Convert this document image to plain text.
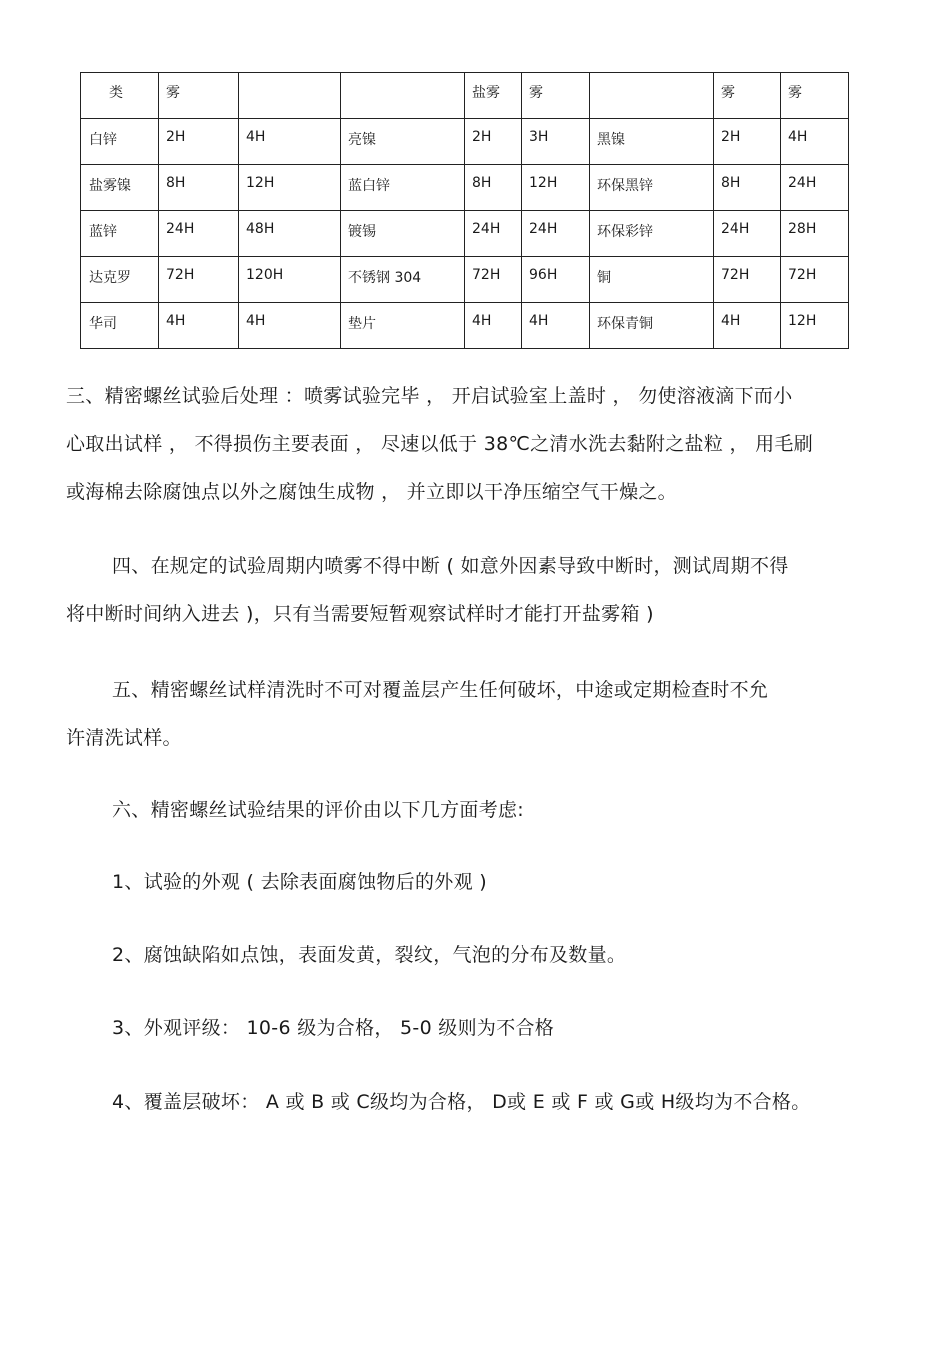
类	雾			盐雾	雾		雾	雾
白锌	2H	4H	亮镍	2H	3H	黑镍	2H	4H
盐雾镍	8H	12H	蓝白锌	8H	12H	环保黑锌	8H	24H
蓝锌	24H	48H	镀锡	24H	24H	环保彩锌	24H	28H
达克罗	72H	120H	不锈钢 304	72H	96H	铜	72H	72H
华司	4H	4H	垫片	4H	4H	环保青铜	4H	12H
三、精密螺丝试验后处理 ：喷雾试验完毕 ， 开启试验室上盖时 ， 勿使溶液滴下而小
心取出试样 ， 不得损伤主要表面 ， 尽速以低于 38℃之清水洗去黏附之盐粒 ， 用毛刷
或海棉去除腐蚀点以外之腐蚀生成物 ， 并立即以干净压缩空气干燥之。
四、在规定的试验周期内喷雾不得中断 ( 如意外因素导致中断时，测试周期不得
将中断时间纳入进去 )，只有当需要短暂观察试样时才能打开盐雾箱 )
五、精密螺丝试样清洗时不可对覆盖层产生任何破坏，中途或定期检查时不允
许清洗试样。
六、精密螺丝试验结果的评价由以下几方面考虑:
1、试验的外观 ( 去除表面腐蚀物后的外观 )
2、腐蚀缺陷如点蚀，表面发黄，裂纹，气泡的分布及数量。
3、外观评级： 10-6 级为合格， 5-0 级则为不合格
4、覆盖层破坏： A 或 B 或 C级均为合格， D或 E 或 F 或 G或 H级均为不合格。
